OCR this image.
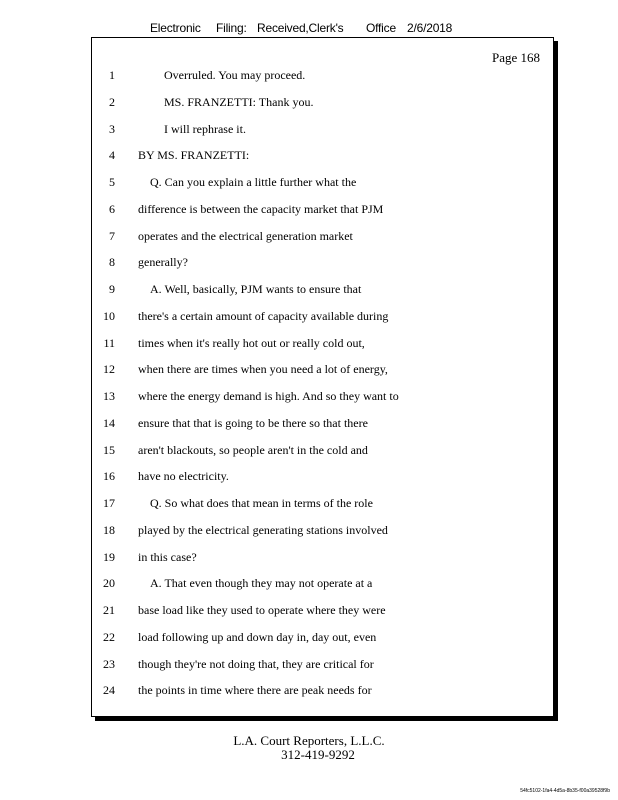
Electronic Filing: Received,Clerk's Office 2/6/2018
Page 168
1	Overruled. You may proceed.
2	MS. FRANZETTI: Thank you.
3	I will rephrase it.
4 BY MS. FRANZETTI:
5	Q. Can you explain a little further what the
6 difference is between the capacity market that PJM
7 operates and the electrical generation market
8 generally?
9	A. Well, basically, PJM wants to ensure that
10 there's a certain amount of capacity available during
11 times when it's really hot out or really cold out,
12 when there are times when you need a lot of energy,
13 where the energy demand is high. And so they want to
14 ensure that that is going to be there so that there
15 aren't blackouts, so people aren't in the cold and
16 have no electricity.
17	Q. So what does that mean in terms of the role
18 played by the electrical generating stations involved
19 in this case?
20	A. That even though they may not operate at a
21 base load like they used to operate where they were
22 load following up and down day in, day out, even
23 though they're not doing that, they are critical for
24 the points in time where there are peak needs for
L.A. Court Reporters, L.L.C.
312-419-9292
54fc5102-1fa4-4d5a-8b35-f00a39528f9b
